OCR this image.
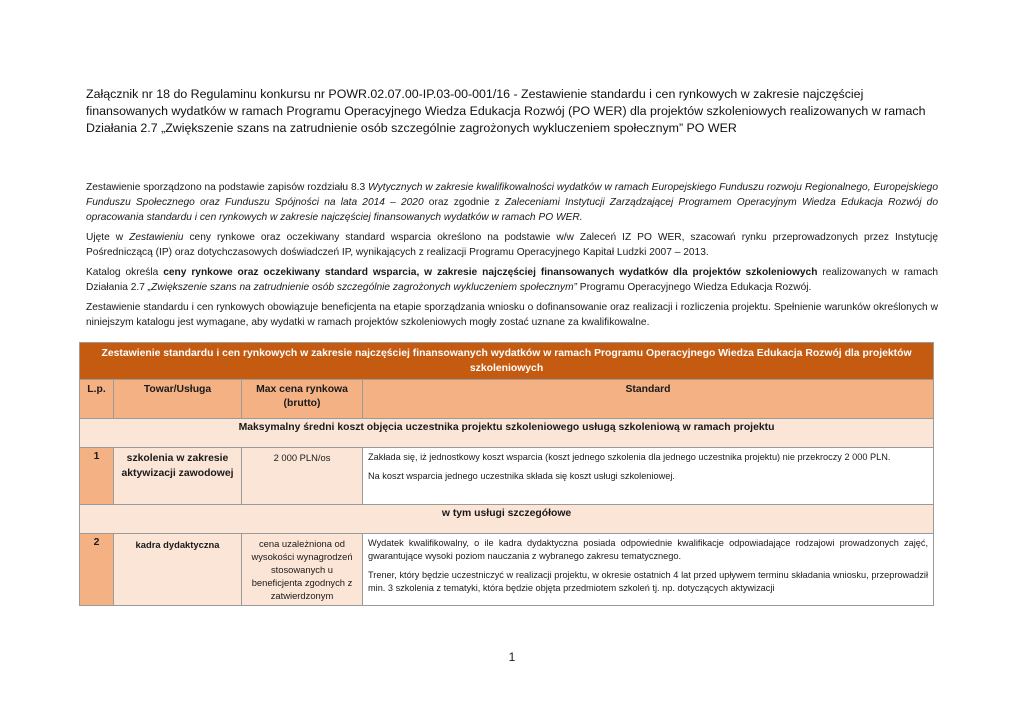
Załącznik nr 18 do Regulaminu konkursu nr POWR.02.07.00-IP.03-00-001/16 - Zestawienie standardu i cen rynkowych w zakresie najczęściej finansowanych wydatków w ramach Programu Operacyjnego Wiedza Edukacja Rozwój (PO WER) dla projektów szkoleniowych realizowanych w ramach Działania 2.7 „Zwiększenie szans na zatrudnienie osób szczególnie zagrożonych wykluczeniem społecznym” PO WER

Zestawienie sporządzono na podstawie zapisów rozdziału 8.3 Wytycznych w zakresie kwalifikowalności wydatków w ramach Europejskiego Funduszu rozwoju Regionalnego, Europejskiego Funduszu Społecznego oraz Funduszu Spójności na lata 2014 – 2020 oraz zgodnie z Zaleceniami Instytucji Zarządzającej Programem Operacyjnym Wiedza Edukacja Rozwój do opracowania standardu i cen rynkowych w zakresie najczęściej finansowanych wydatków w ramach PO WER.

Ujęte w Zestawieniu ceny rynkowe oraz oczekiwany standard wsparcia określono na podstawie w/w Zaleceń IZ PO WER, szacowań rynku przeprowadzonych przez Instytucję Pośredniczącą (IP) oraz dotychczasowych doświadczeń IP, wynikających z realizacji Programu Operacyjnego Kapitał Ludzki 2007 – 2013.

Katalog określa ceny rynkowe oraz oczekiwany standard wsparcia, w zakresie najczęściej finansowanych wydatków dla projektów szkoleniowych realizowanych w ramach Działania 2.7 „Zwiększenie szans na zatrudnienie osób szczególnie zagrożonych wykluczeniem społecznym” Programu Operacyjnego Wiedza Edukacja Rozwój.

Zestawienie standardu i cen rynkowych obowiązuje beneficjenta na etapie sporządzania wniosku o dofinansowanie oraz realizacji i rozliczenia projektu. Spełnienie warunków określonych w niniejszym katalogu jest wymagane, aby wydatki w ramach projektów szkoleniowych mogły zostać uznane za kwalifikowalne.

Zestawienie standardu i cen rynkowych w zakresie najczęściej finansowanych wydatków w ramach Programu Operacyjnego Wiedza Edukacja Rozwój dla projektów szkoleniowych			
L.p.	Towar/Usługa	Max cena rynkowa (brutto)	Standard
Maksymalny średni koszt objęcia uczestnika projektu szkoleniowego usługą szkoleniową w ramach projektu			
1	szkolenia w zakresie aktywizacji zawodowej	2 000 PLN/os	Zakłada się, iż jednostkowy koszt wsparcia (koszt jednego szkolenia dla jednego uczestnika projektu) nie przekroczy 2 000 PLN.

Na koszt wsparcia jednego uczestnika składa się koszt usługi szkoleniowej.

w tym usługi szczegółowe			
2	kadra dydaktyczna	cena uzależniona od wysokości wynagrodzeń stosowanych u beneficjenta zgodnych z zatwierdzonym	Wydatek kwalifikowalny, o ile kadra dydaktyczna posiada odpowiednie kwalifikacje odpowiadające rodzajowi prowadzonych zajęć, gwarantujące wysoki poziom nauczania z wybranego zakresu tematycznego.

Trener, który będzie uczestniczyć w realizacji projektu, w okresie ostatnich 4 lat przed upływem terminu składania wniosku, przeprowadził min. 3 szkolenia z tematyki, która będzie objęta przedmiotem szkoleń tj. np. dotyczących aktywizacji

1
